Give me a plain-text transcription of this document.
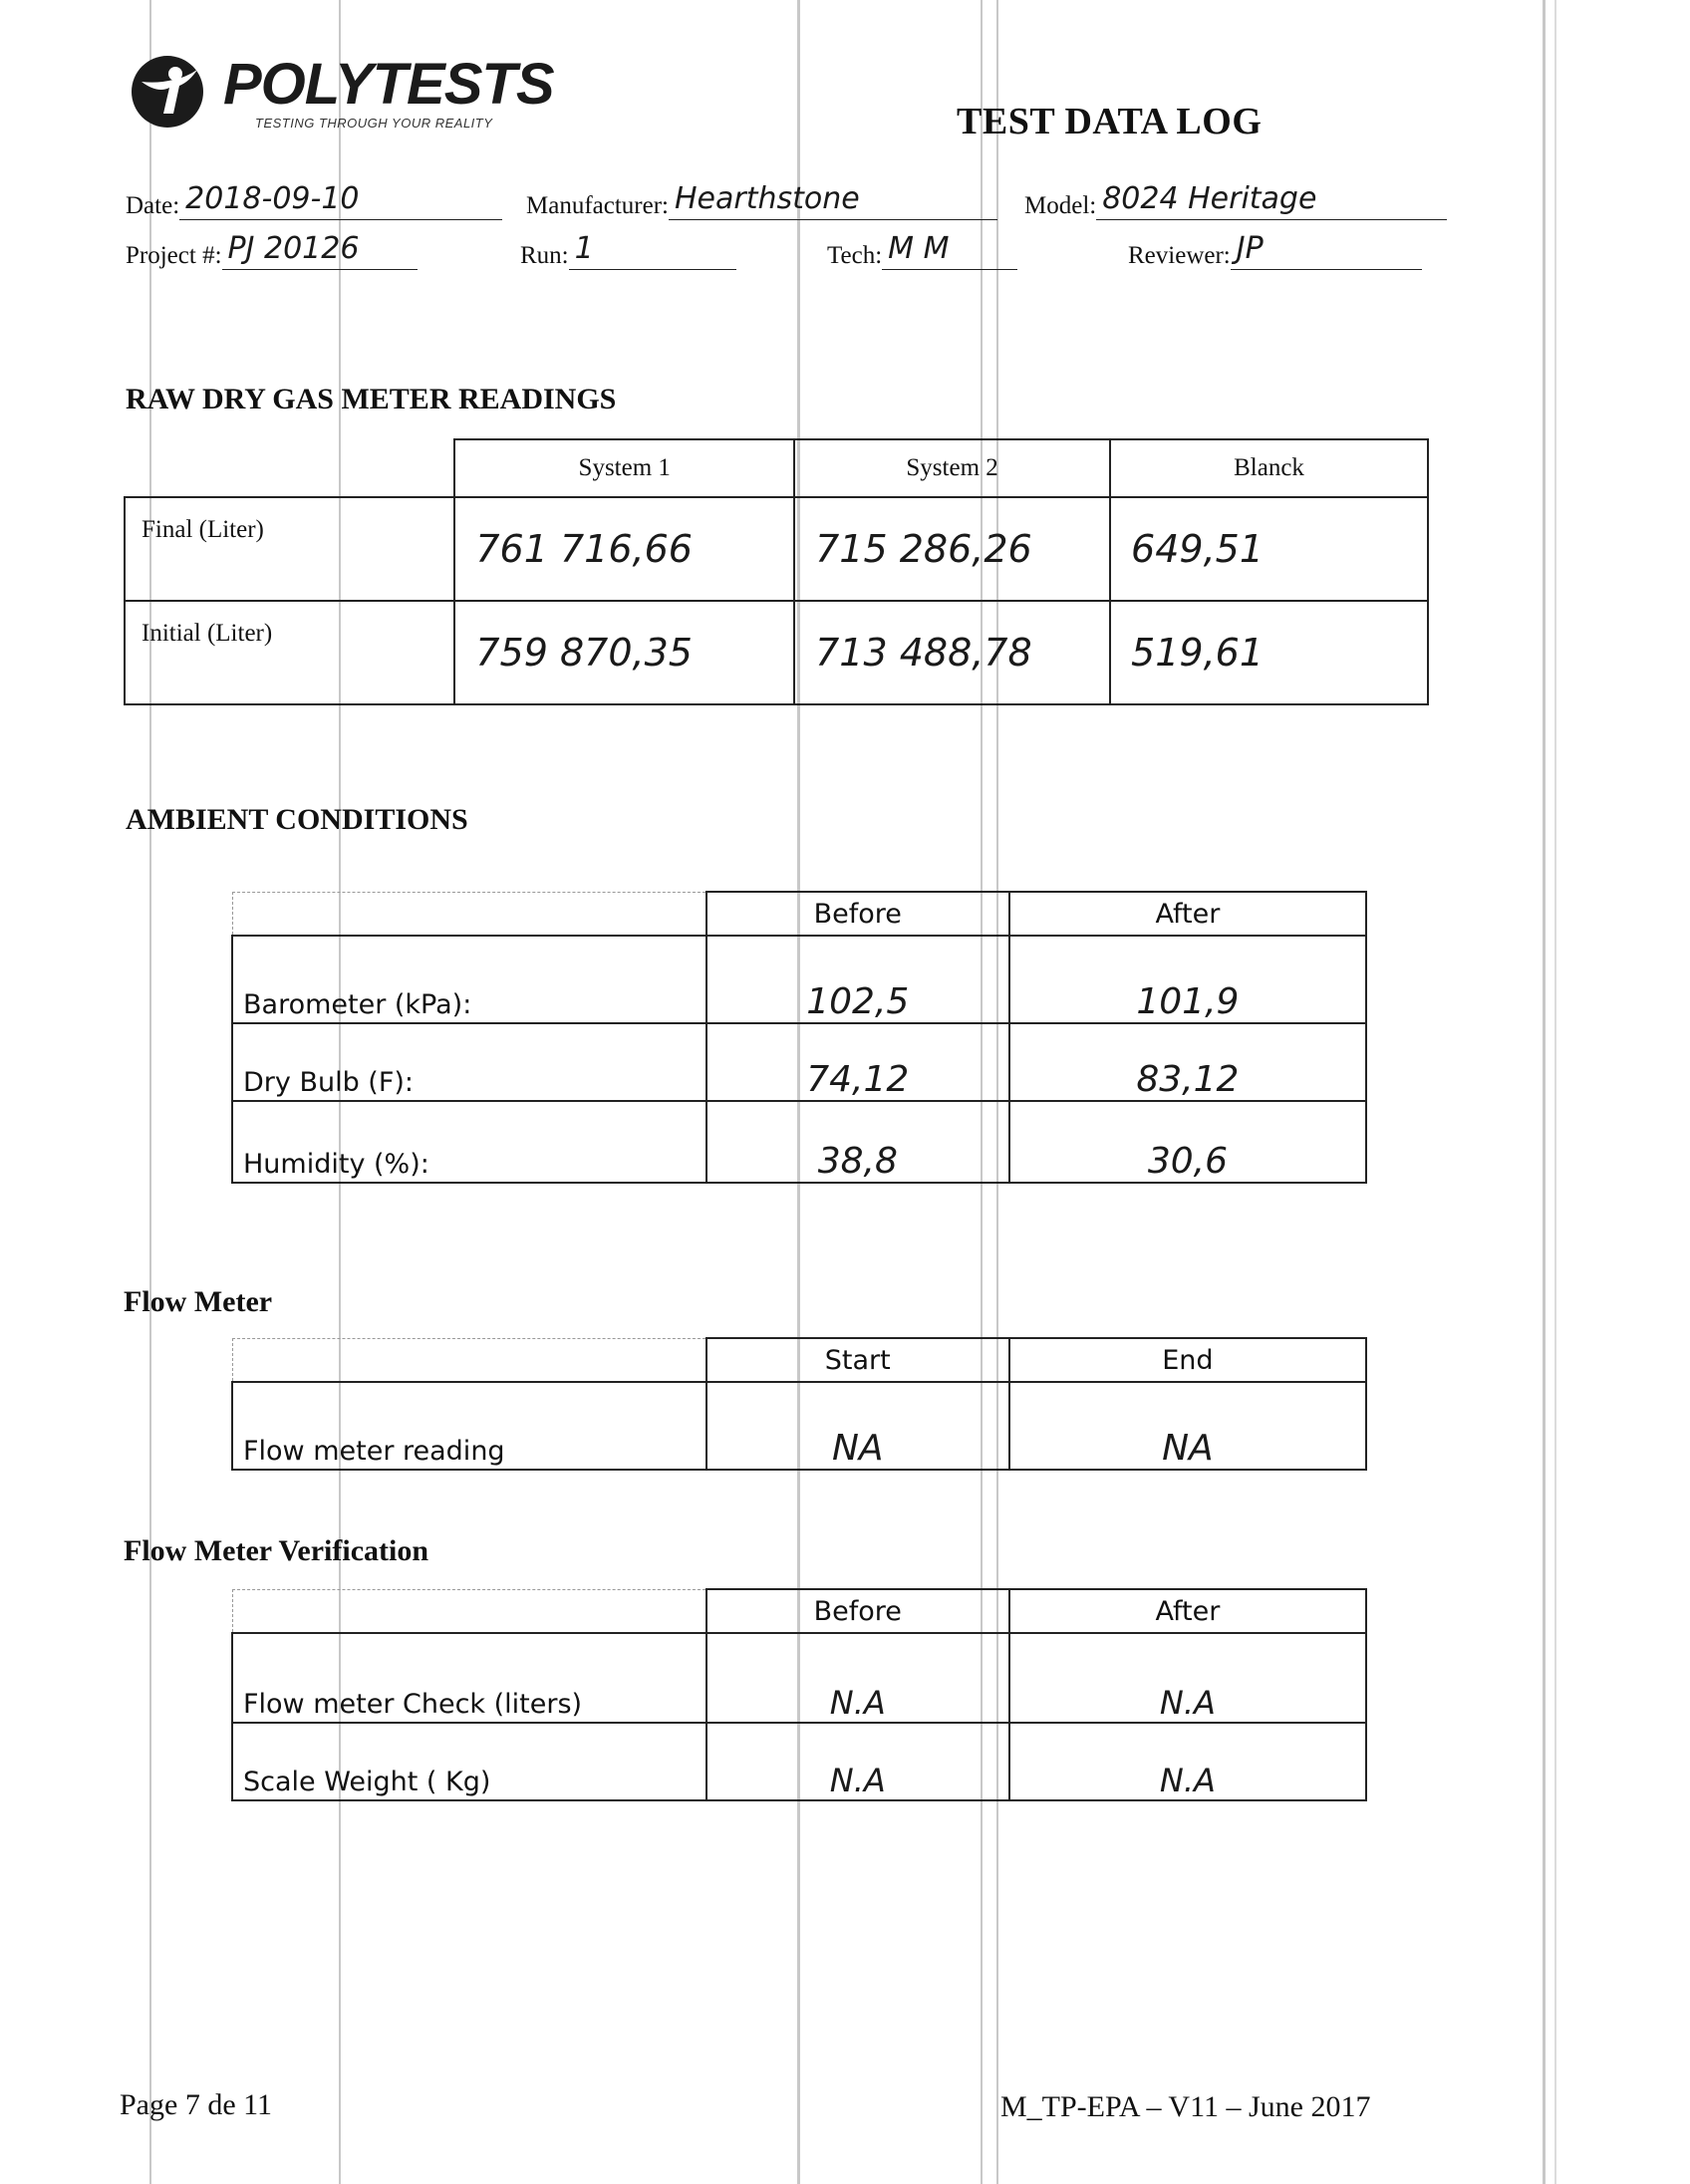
POLYTESTS
TESTING THROUGH YOUR REALITY	TEST DATA LOG
Date: 2018-09-10	Manufacturer: Hearthstone	Model: 8024 Heritage
Project #: PJ 20126	Run: 1	Tech: M M	Reviewer: JP
RAW DRY GAS METER READINGS
	System 1	System 2	Blanck
Final (Liter)	761 716,66	715 286,26	649,51
Initial (Liter)	759 870,35	713 488,78	519,61
AMBIENT CONDITIONS
	Before	After
Barometer (kPa):	102,5	101,9
Dry Bulb (F):	74,12	83,12
Humidity (%):	38,8	30,6
Flow Meter
	Start	End
Flow meter reading	NA	NA
Flow Meter Verification
	Before	After
Flow meter Check (liters)	N.A	N.A
Scale Weight ( Kg)	N.A	N.A
Page 7 de 11	M_TP-EPA – V11 – June 2017
